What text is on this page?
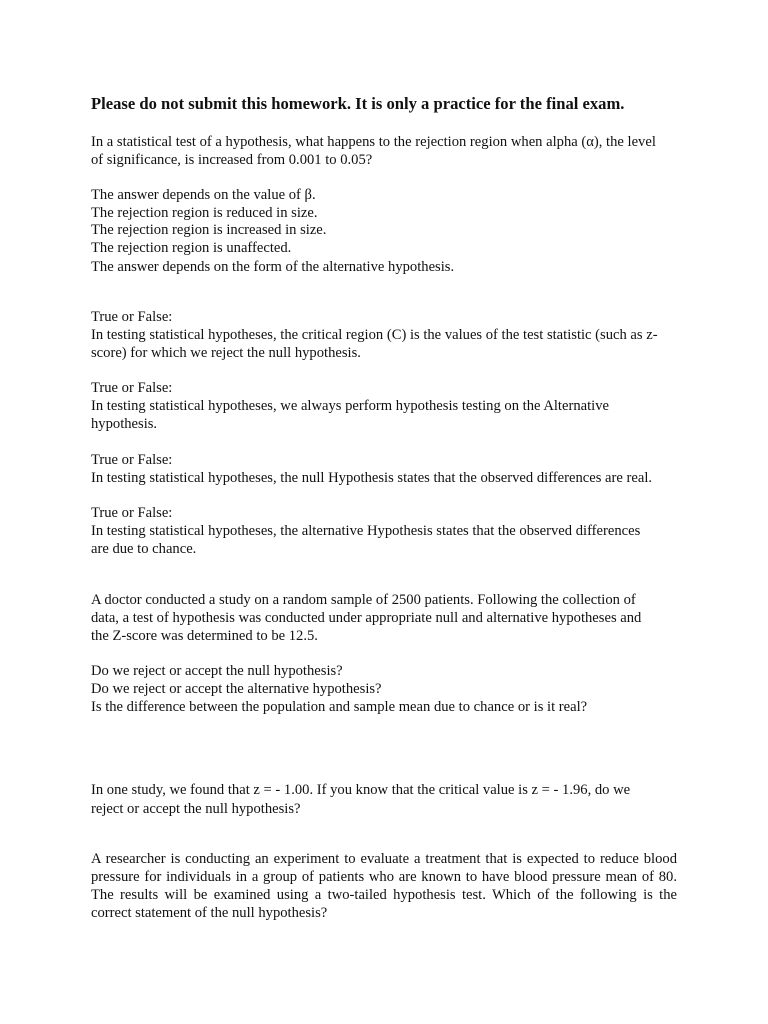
Please do not submit this homework. It is only a practice for the final exam.
In a statistical test of a hypothesis, what happens to the rejection region when alpha (α), the level
of significance, is increased from 0.001 to 0.05?
The answer depends on the value of β.
The rejection region is reduced in size.
The rejection region is increased in size.
The rejection region is unaffected.
The answer depends on the form of the alternative hypothesis.
True or False:
In testing statistical hypotheses, the critical region (C) is the values of the test statistic (such as z-
score) for which we reject the null hypothesis.
True or False:
In testing statistical hypotheses, we always perform hypothesis testing on the Alternative
hypothesis.
True or False:
In testing statistical hypotheses, the null Hypothesis states that the observed differences are real.
True or False:
In testing statistical hypotheses, the alternative Hypothesis states that the observed differences
are due to chance.
A doctor conducted a study on a random sample of 2500 patients. Following the collection of
data, a test of hypothesis was conducted under appropriate null and alternative hypotheses and
the Z-score was determined to be 12.5.
Do we reject or accept the null hypothesis?
Do we reject or accept the alternative hypothesis?
Is the difference between the population and sample mean due to chance or is it real?
In one study, we found that z = - 1.00. If you know that the critical value is z = - 1.96, do we
reject or accept the null hypothesis?
A researcher is conducting an experiment to evaluate a treatment that is expected to reduce blood
pressure for individuals in a group of patients who are known to have blood pressure mean of 80.
The results will be examined using a two-tailed hypothesis test. Which of the following is the
correct statement of the null hypothesis?
